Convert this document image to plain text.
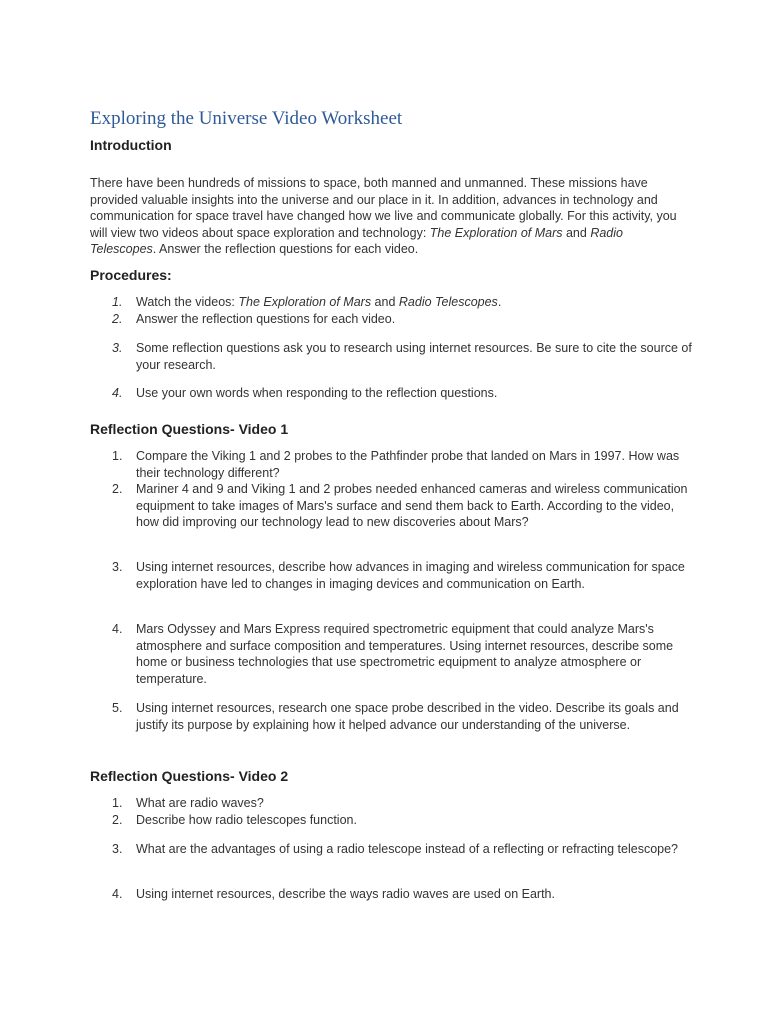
Exploring the Universe Video Worksheet
Introduction

There have been hundreds of missions to space, both manned and unmanned. These missions have provided valuable insights into the universe and our place in it. In addition, advances in technology and communication for space travel have changed how we live and communicate globally. For this activity, you will view two videos about space exploration and technology: The Exploration of Mars and Radio Telescopes. Answer the reflection questions for each video.

Procedures:
1.	Watch the videos: The Exploration of Mars and Radio Telescopes.
2.	Answer the reflection questions for each video.
3.	Some reflection questions ask you to research using internet resources. Be sure to cite the source of your research.
4.	Use your own words when responding to the reflection questions.
Reflection Questions- Video 1
1.	Compare the Viking 1 and 2 probes to the Pathfinder probe that landed on Mars in 1997. How was their technology different?
2.	Mariner 4 and 9 and Viking 1 and 2 probes needed enhanced cameras and wireless communication equipment to take images of Mars's surface and send them back to Earth. According to the video, how did improving our technology lead to new discoveries about Mars?
3.	Using internet resources, describe how advances in imaging and wireless communication for space exploration have led to changes in imaging devices and communication on Earth.
4.	Mars Odyssey and Mars Express required spectrometric equipment that could analyze Mars's atmosphere and surface composition and temperatures. Using internet resources, describe some home or business technologies that use spectrometric equipment to analyze atmosphere or temperature.
5.	Using internet resources, research one space probe described in the video. Describe its goals and justify its purpose by explaining how it helped advance our understanding of the universe.
Reflection Questions- Video 2
1.	What are radio waves?
2.	Describe how radio telescopes function.
3.	What are the advantages of using a radio telescope instead of a reflecting or refracting telescope?
4.	Using internet resources, describe the ways radio waves are used on Earth.
